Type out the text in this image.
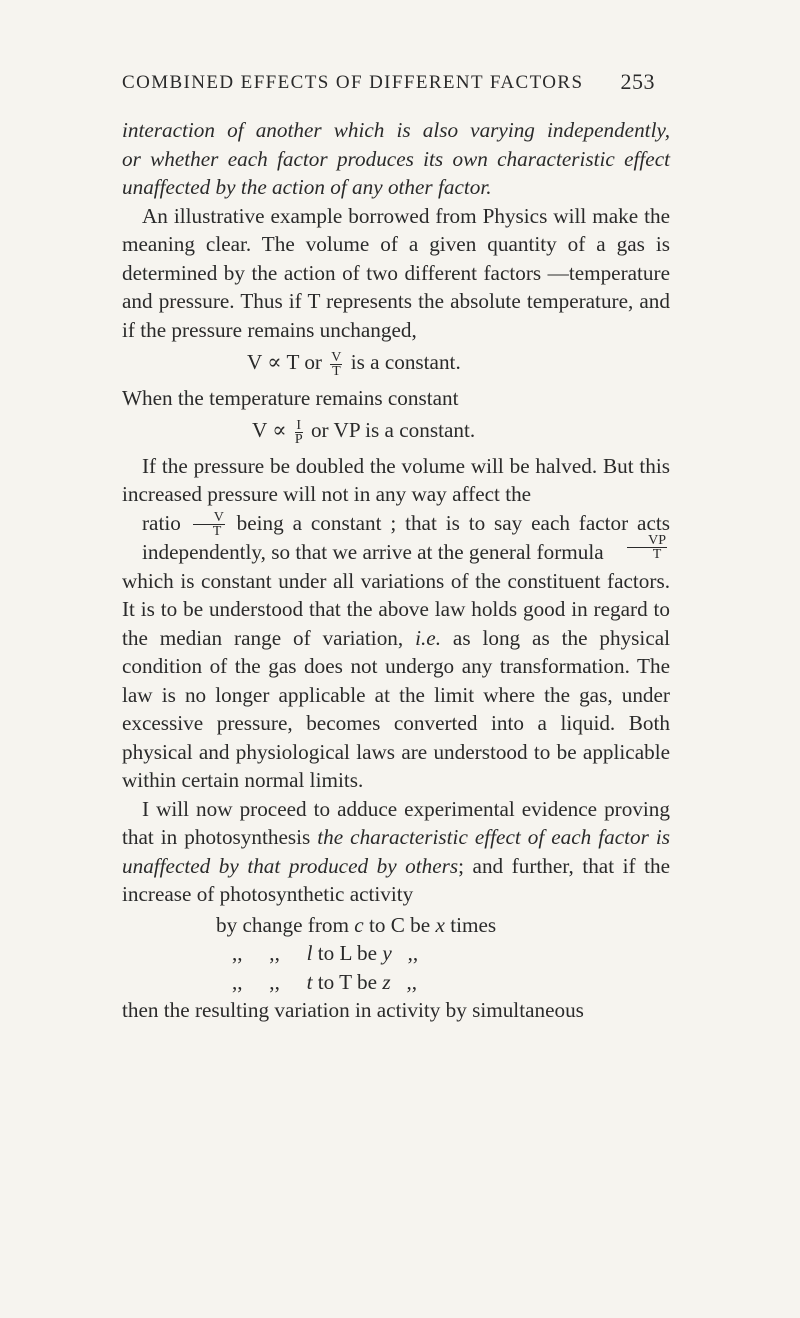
COMBINED EFFECTS OF DIFFERENT FACTORS 253

interaction of another which is also varying independently,
or whether each factor produces its own characteristic effect
unaffected by the action of any other factor.

An illustrative example borrowed from Physics will make the meaning clear. The volume of a given quantity of a gas is determined by the action of two different factors —temperature and pressure. Thus if T represents the absolute temperature, and if the pressure remains unchanged,

V ∝ T or $\frac{V}{T}$ is a constant.

When the temperature remains constant

$V \propto \frac{I}{P}$ or VP is a constant.

If the pressure be doubled the volume will be halved. But this increased pressure will not in any way affect the
ratio $\frac{V}{T}$ being a constant ; that is to say each factor acts
independently, so that we arrive at the general formula $\frac{VP}{T}$
which is constant under all variations of the constituent factors. It is to be understood that the above law holds good in regard to the median range of variation, i.e. as long as the physical condition of the gas does not undergo any transformation. The law is no longer applicable at the limit where the gas, under excessive pressure, becomes converted into a liquid. Both physical and physiological laws are understood to be applicable within certain normal limits.

I will now proceed to adduce experimental evidence proving that in photosynthesis the characteristic effect of each factor is unaffected by that produced by others; and further, that if the increase of photosynthetic activity

by change from c to C be x times
,, ,, l to L be y ,,
,, ,, t to T be z ,,

then the resulting variation in activity by simultaneous
